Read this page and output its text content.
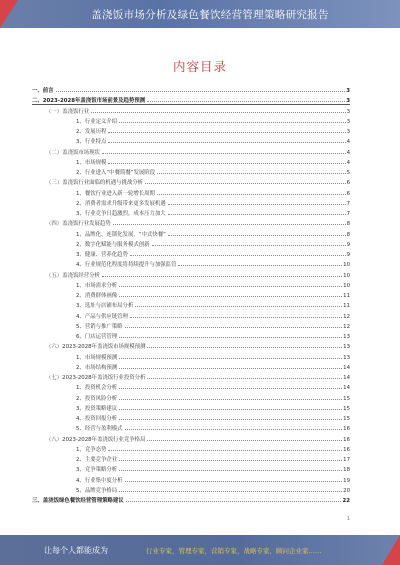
盖浇饭市场分析及绿色餐饮经营管理策略研究报告
内容目录
一、前言	3
二、2023-2028年盖浇饭市场前景及趋势预测	3
（一）盖浇饭行业	3
1、行业定义介绍	3
2、发展历程	3
3、行业特点	4
（二）盖浇饭市场现状	4
1、市场规模	4
2、行业进入“中餐简餐”发展阶段	5
（三）盖浇饭行业面临的机遇与挑战分析	6
1、餐饮行业进入新一轮增长周期	6
2、消费者需求升级带来更多发展机遇	7
3、行业竞争日趋激烈，成本压力加大	7
（四）盖浇饭行业发展趋势	8
1、品牌化、连锁化发展，“中式快餐”	8
2、数字化赋能与服务模式创新	9
3、健康、营养化趋势	9
4、行业规范化程度将持续提升与加强监管	10
（五）盖浇饭经营分析	10
1、市场需求分析	10
2、消费群体画像	11
3、选址与店铺布局分析	11
4、产品与供应链管理	12
5、营销与推广策略	12
6、门店运营管理	13
（六）2023-2028年盖浇饭市场规模预测	13
1、市场规模预测	13
2、市场结构预测	14
（七）2023-2028年盖浇饭行业投资分析	14
1、投资机会分析	14
2、投资风险分析	15
3、投资策略建议	15
4、投资回报分析	15
5、经营与盈利模式	16
（八）2023-2028年盖浇饭行业竞争格局	16
1、竞争态势	16
2、主要竞争企业	17
3、竞争策略分析	18
4、行业集中度分析	19
5、品牌竞争格局	20
三、盖浇饭绿色餐饮经营管理策略建议	22
1
让每个人都能成为	行业专家，管理专家，营销专家，战略专家，顾问企业家……
